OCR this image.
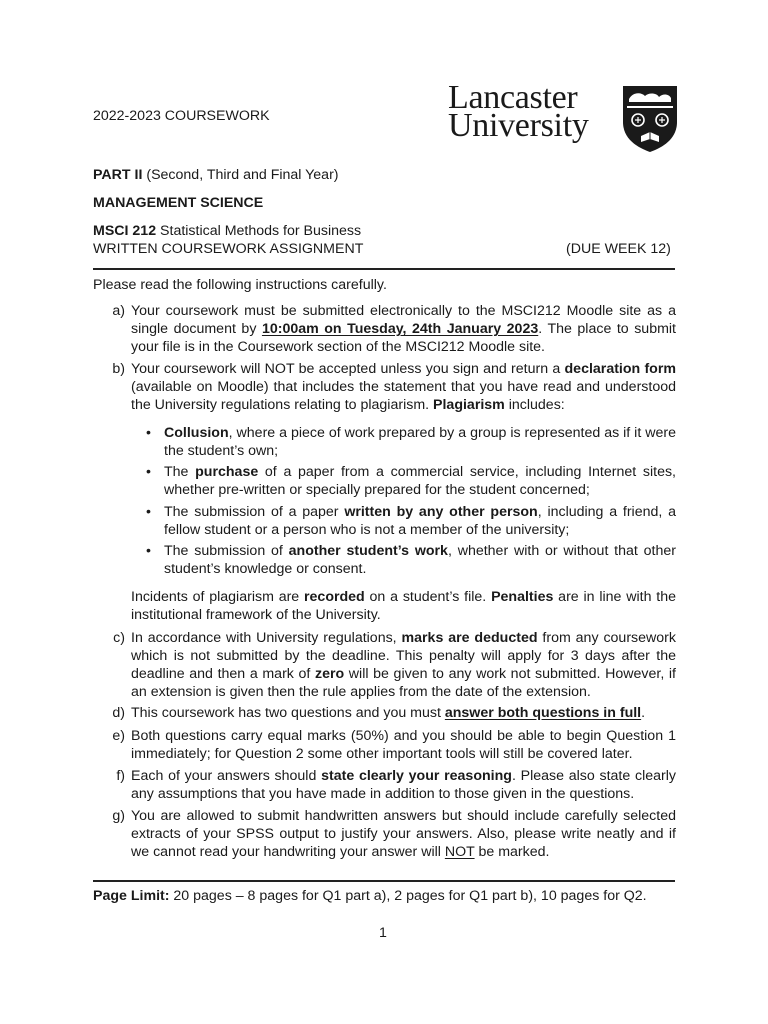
2022-2023 COURSEWORK	Lancaster
University
PART II (Second, Third and Final Year)
MANAGEMENT SCIENCE
MSCI 212 Statistical Methods for Business
WRITTEN COURSEWORK ASSIGNMENT	(DUE WEEK 12)
Please read the following instructions carefully.
a) Your coursework must be submitted electronically to the MSCI212 Moodle site as a single document by 10:00am on Tuesday, 24th January 2023. The place to submit your file is in the Coursework section of the MSCI212 Moodle site.
b) Your coursework will NOT be accepted unless you sign and return a declaration form (available on Moodle) that includes the statement that you have read and understood the University regulations relating to plagiarism. Plagiarism includes:
• Collusion, where a piece of work prepared by a group is represented as if it were the student’s own;
• The purchase of a paper from a commercial service, including Internet sites, whether pre-written or specially prepared for the student concerned;
• The submission of a paper written by any other person, including a friend, a fellow student or a person who is not a member of the university;
• The submission of another student’s work, whether with or without that other student’s knowledge or consent.
Incidents of plagiarism are recorded on a student’s file. Penalties are in line with the institutional framework of the University.
c) In accordance with University regulations, marks are deducted from any coursework which is not submitted by the deadline. This penalty will apply for 3 days after the deadline and then a mark of zero will be given to any work not submitted. However, if an extension is given then the rule applies from the date of the extension.
d) This coursework has two questions and you must answer both questions in full.
e) Both questions carry equal marks (50%) and you should be able to begin Question 1 immediately; for Question 2 some other important tools will still be covered later.
f) Each of your answers should state clearly your reasoning. Please also state clearly any assumptions that you have made in addition to those given in the questions.
g) You are allowed to submit handwritten answers but should include carefully selected extracts of your SPSS output to justify your answers. Also, please write neatly and if we cannot read your handwriting your answer will NOT be marked.
Page Limit: 20 pages – 8 pages for Q1 part a), 2 pages for Q1 part b), 10 pages for Q2.
1
